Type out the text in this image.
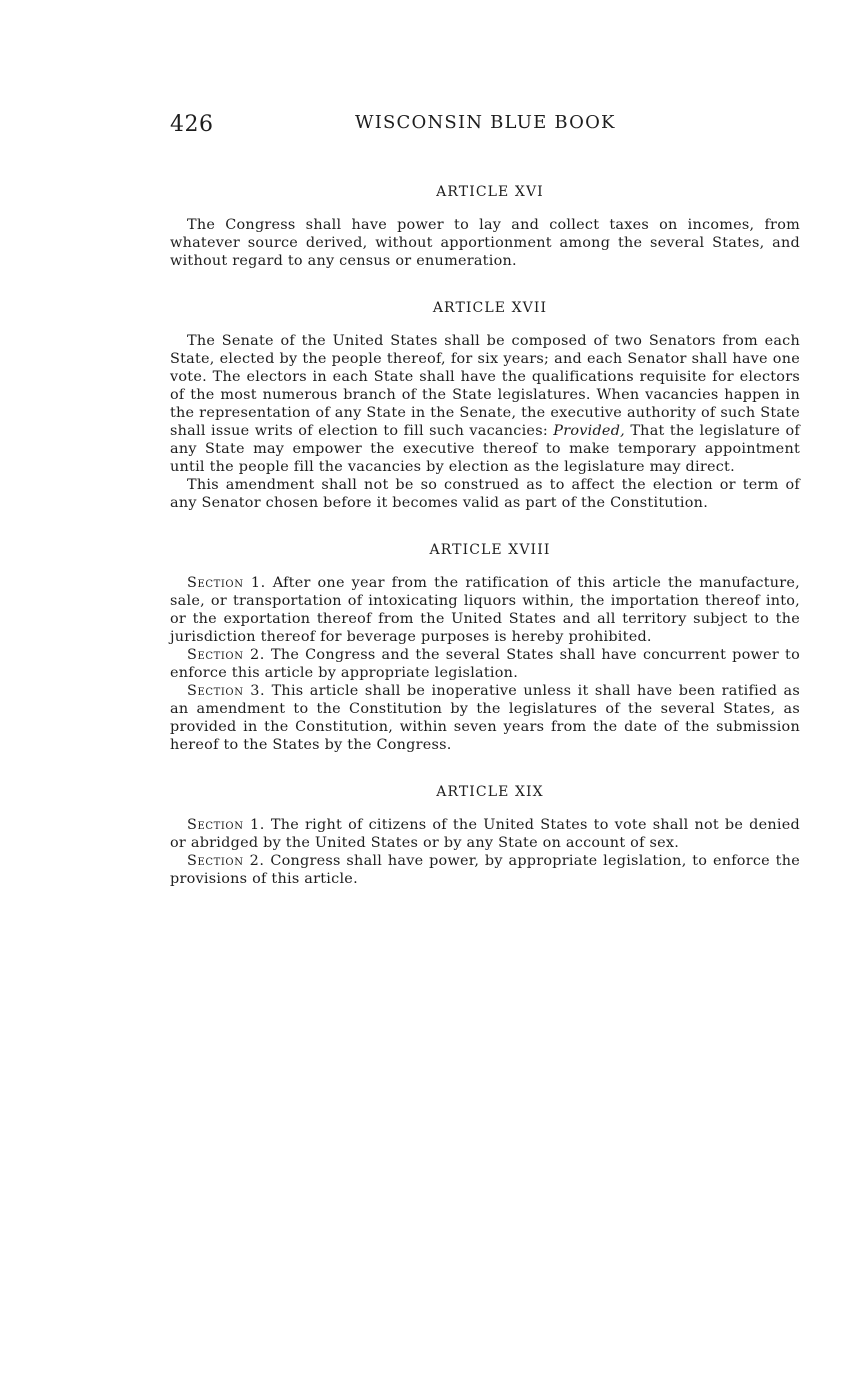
426	WISCONSIN BLUE BOOK
ARTICLE XVI

The Congress shall have power to lay and collect taxes on incomes, from whatever source derived, without apportionment among the several States, and without regard to any census or enumeration.

ARTICLE XVII

The Senate of the United States shall be composed of two Senators from each State, elected by the people thereof, for six years; and each Senator shall have one vote. The electors in each State shall have the qualifications requisite for electors of the most numerous branch of the State legislatures. When vacancies happen in the representation of any State in the Senate, the executive authority of such State shall issue writs of election to fill such vacancies: Provided, That the legislature of any State may empower the executive thereof to make temporary appointment until the people fill the vacancies by election as the legislature may direct.

This amendment shall not be so construed as to affect the election or term of any Senator chosen before it becomes valid as part of the Constitution.

ARTICLE XVIII

Section 1. After one year from the ratification of this article the manufacture, sale, or transportation of intoxicating liquors within, the importation thereof into, or the exportation thereof from the United States and all territory subject to the jurisdiction thereof for beverage purposes is hereby prohibited.

Section 2. The Congress and the several States shall have concurrent power to enforce this article by appropriate legislation.

Section 3. This article shall be inoperative unless it shall have been ratified as an amendment to the Constitution by the legislatures of the several States, as provided in the Constitution, within seven years from the date of the submission hereof to the States by the Congress.

ARTICLE XIX

Section 1. The right of citizens of the United States to vote shall not be denied or abridged by the United States or by any State on account of sex.

Section 2. Congress shall have power, by appropriate legislation, to enforce the provisions of this article.
